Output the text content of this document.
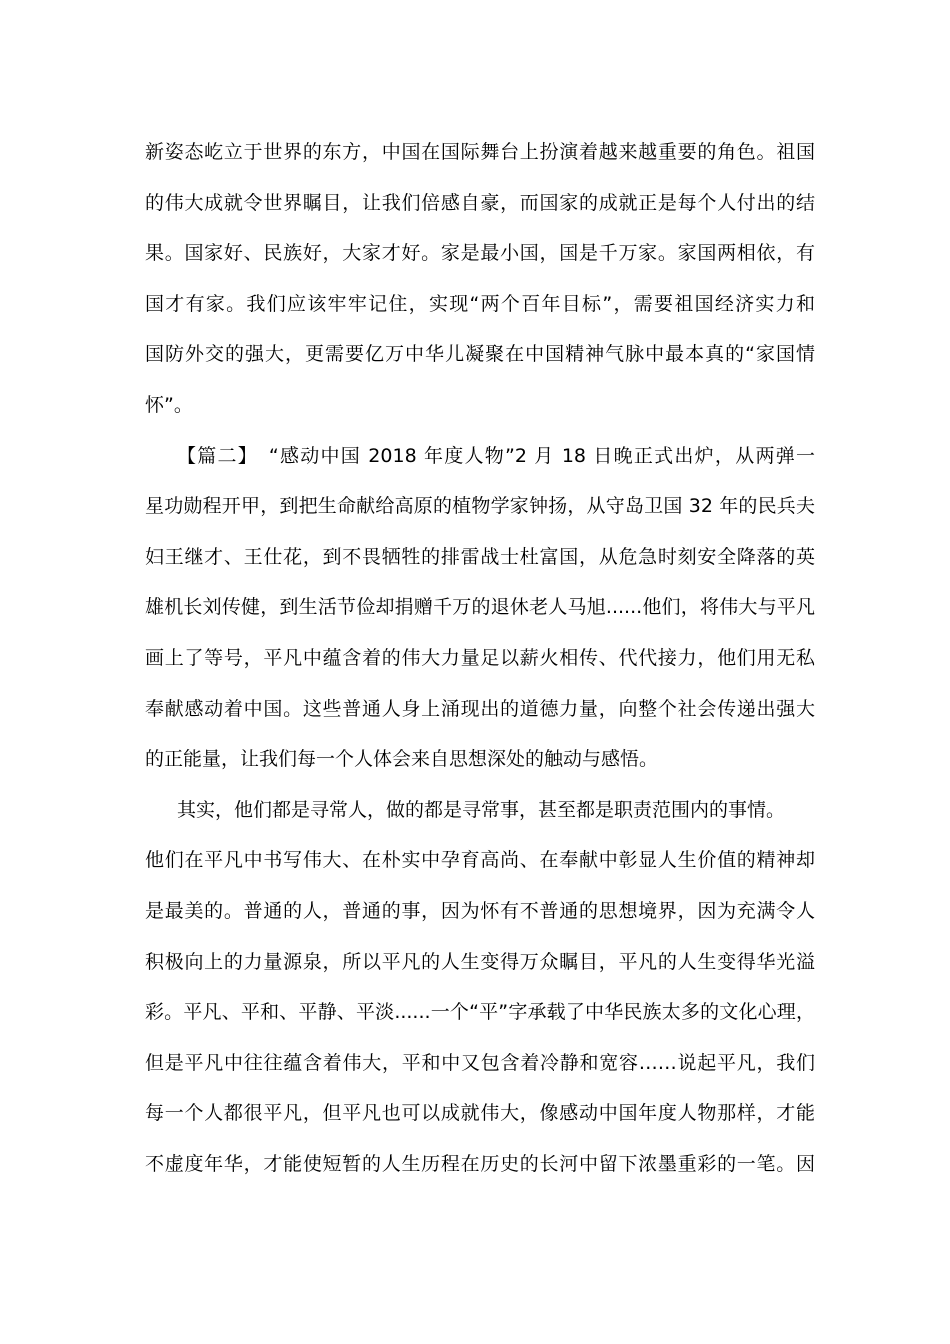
新姿态屹立于世界的东方，中国在国际舞台上扮演着越来越重要的角色。祖国
的伟大成就令世界瞩目，让我们倍感自豪，而国家的成就正是每个人付出的结
果。国家好、民族好，大家才好。家是最小国，国是千万家。家国两相依，有
国才有家。我们应该牢牢记住，实现“两个百年目标”，需要祖国经济实力和
国防外交的强大，更需要亿万中华儿凝聚在中国精神气脉中最本真的“家国情
怀”。
【篇二】　“感动中国 2018 年度人物”2 月 18 日晚正式出炉，从两弹一
星功勋程开甲，到把生命献给高原的植物学家钟扬，从守岛卫国 32 年的民兵夫
妇王继才、王仕花，到不畏牺牲的排雷战士杜富国，从危急时刻安全降落的英
雄机长刘传健，到生活节俭却捐赠千万的退休老人马旭......他们，将伟大与平凡
画上了等号，平凡中蕴含着的伟大力量足以薪火相传、代代接力，他们用无私
奉献感动着中国。这些普通人身上涌现出的道德力量，向整个社会传递出强大
的正能量，让我们每一个人体会来自思想深处的触动与感悟。
其实，他们都是寻常人，做的都是寻常事，甚至都是职责范围内的事情。
他们在平凡中书写伟大、在朴实中孕育高尚、在奉献中彰显人生价值的精神却
是最美的。普通的人，普通的事，因为怀有不普通的思想境界，因为充满令人
积极向上的力量源泉，所以平凡的人生变得万众瞩目，平凡的人生变得华光溢
彩。平凡、平和、平静、平淡......一个“平”字承载了中华民族太多的文化心理，
但是平凡中往往蕴含着伟大，平和中又包含着冷静和宽容……说起平凡，我们
每一个人都很平凡，但平凡也可以成就伟大，像感动中国年度人物那样，才能
不虚度年华，才能使短暂的人生历程在历史的长河中留下浓墨重彩的一笔。因
